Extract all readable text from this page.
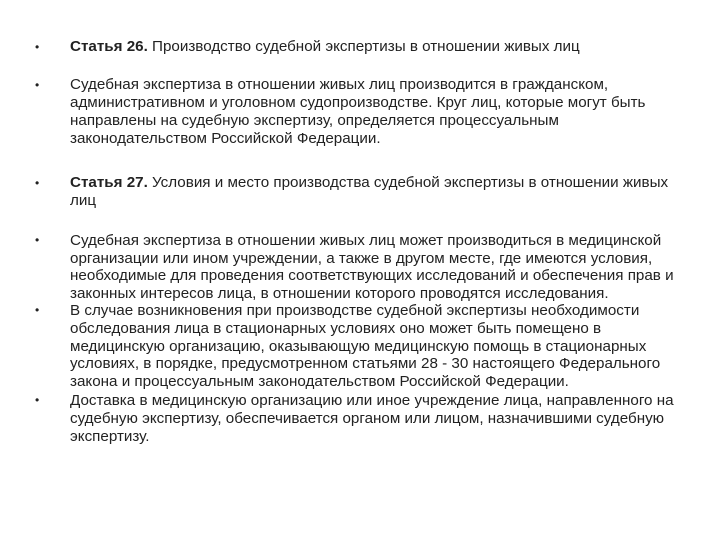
•	Статья 26. Производство судебной экспертизы в отношении живых лиц
•	Судебная экспертиза в отношении живых лиц производится в гражданском, административном и уголовном судопроизводстве. Круг лиц, которые могут быть направлены на судебную экспертизу, определяется процессуальным законодательством Российской Федерации.
•	Статья 27. Условия и место производства судебной экспертизы в отношении живых лиц
•	Судебная экспертиза в отношении живых лиц может производиться в медицинской организации или ином учреждении, а также в другом месте, где имеются условия, необходимые для проведения соответствующих исследований и обеспечения прав и законных интересов лица, в отношении которого проводятся исследования.
•	В случае возникновения при производстве судебной экспертизы необходимости обследования лица в стационарных условиях оно может быть помещено в медицинскую организацию, оказывающую медицинскую помощь в стационарных условиях, в порядке, предусмотренном статьями 28 - 30 настоящего Федерального закона и процессуальным законодательством Российской Федерации.
•	Доставка в медицинскую организацию или иное учреждение лица, направленного на судебную экспертизу, обеспечивается органом или лицом, назначившими судебную экспертизу.
